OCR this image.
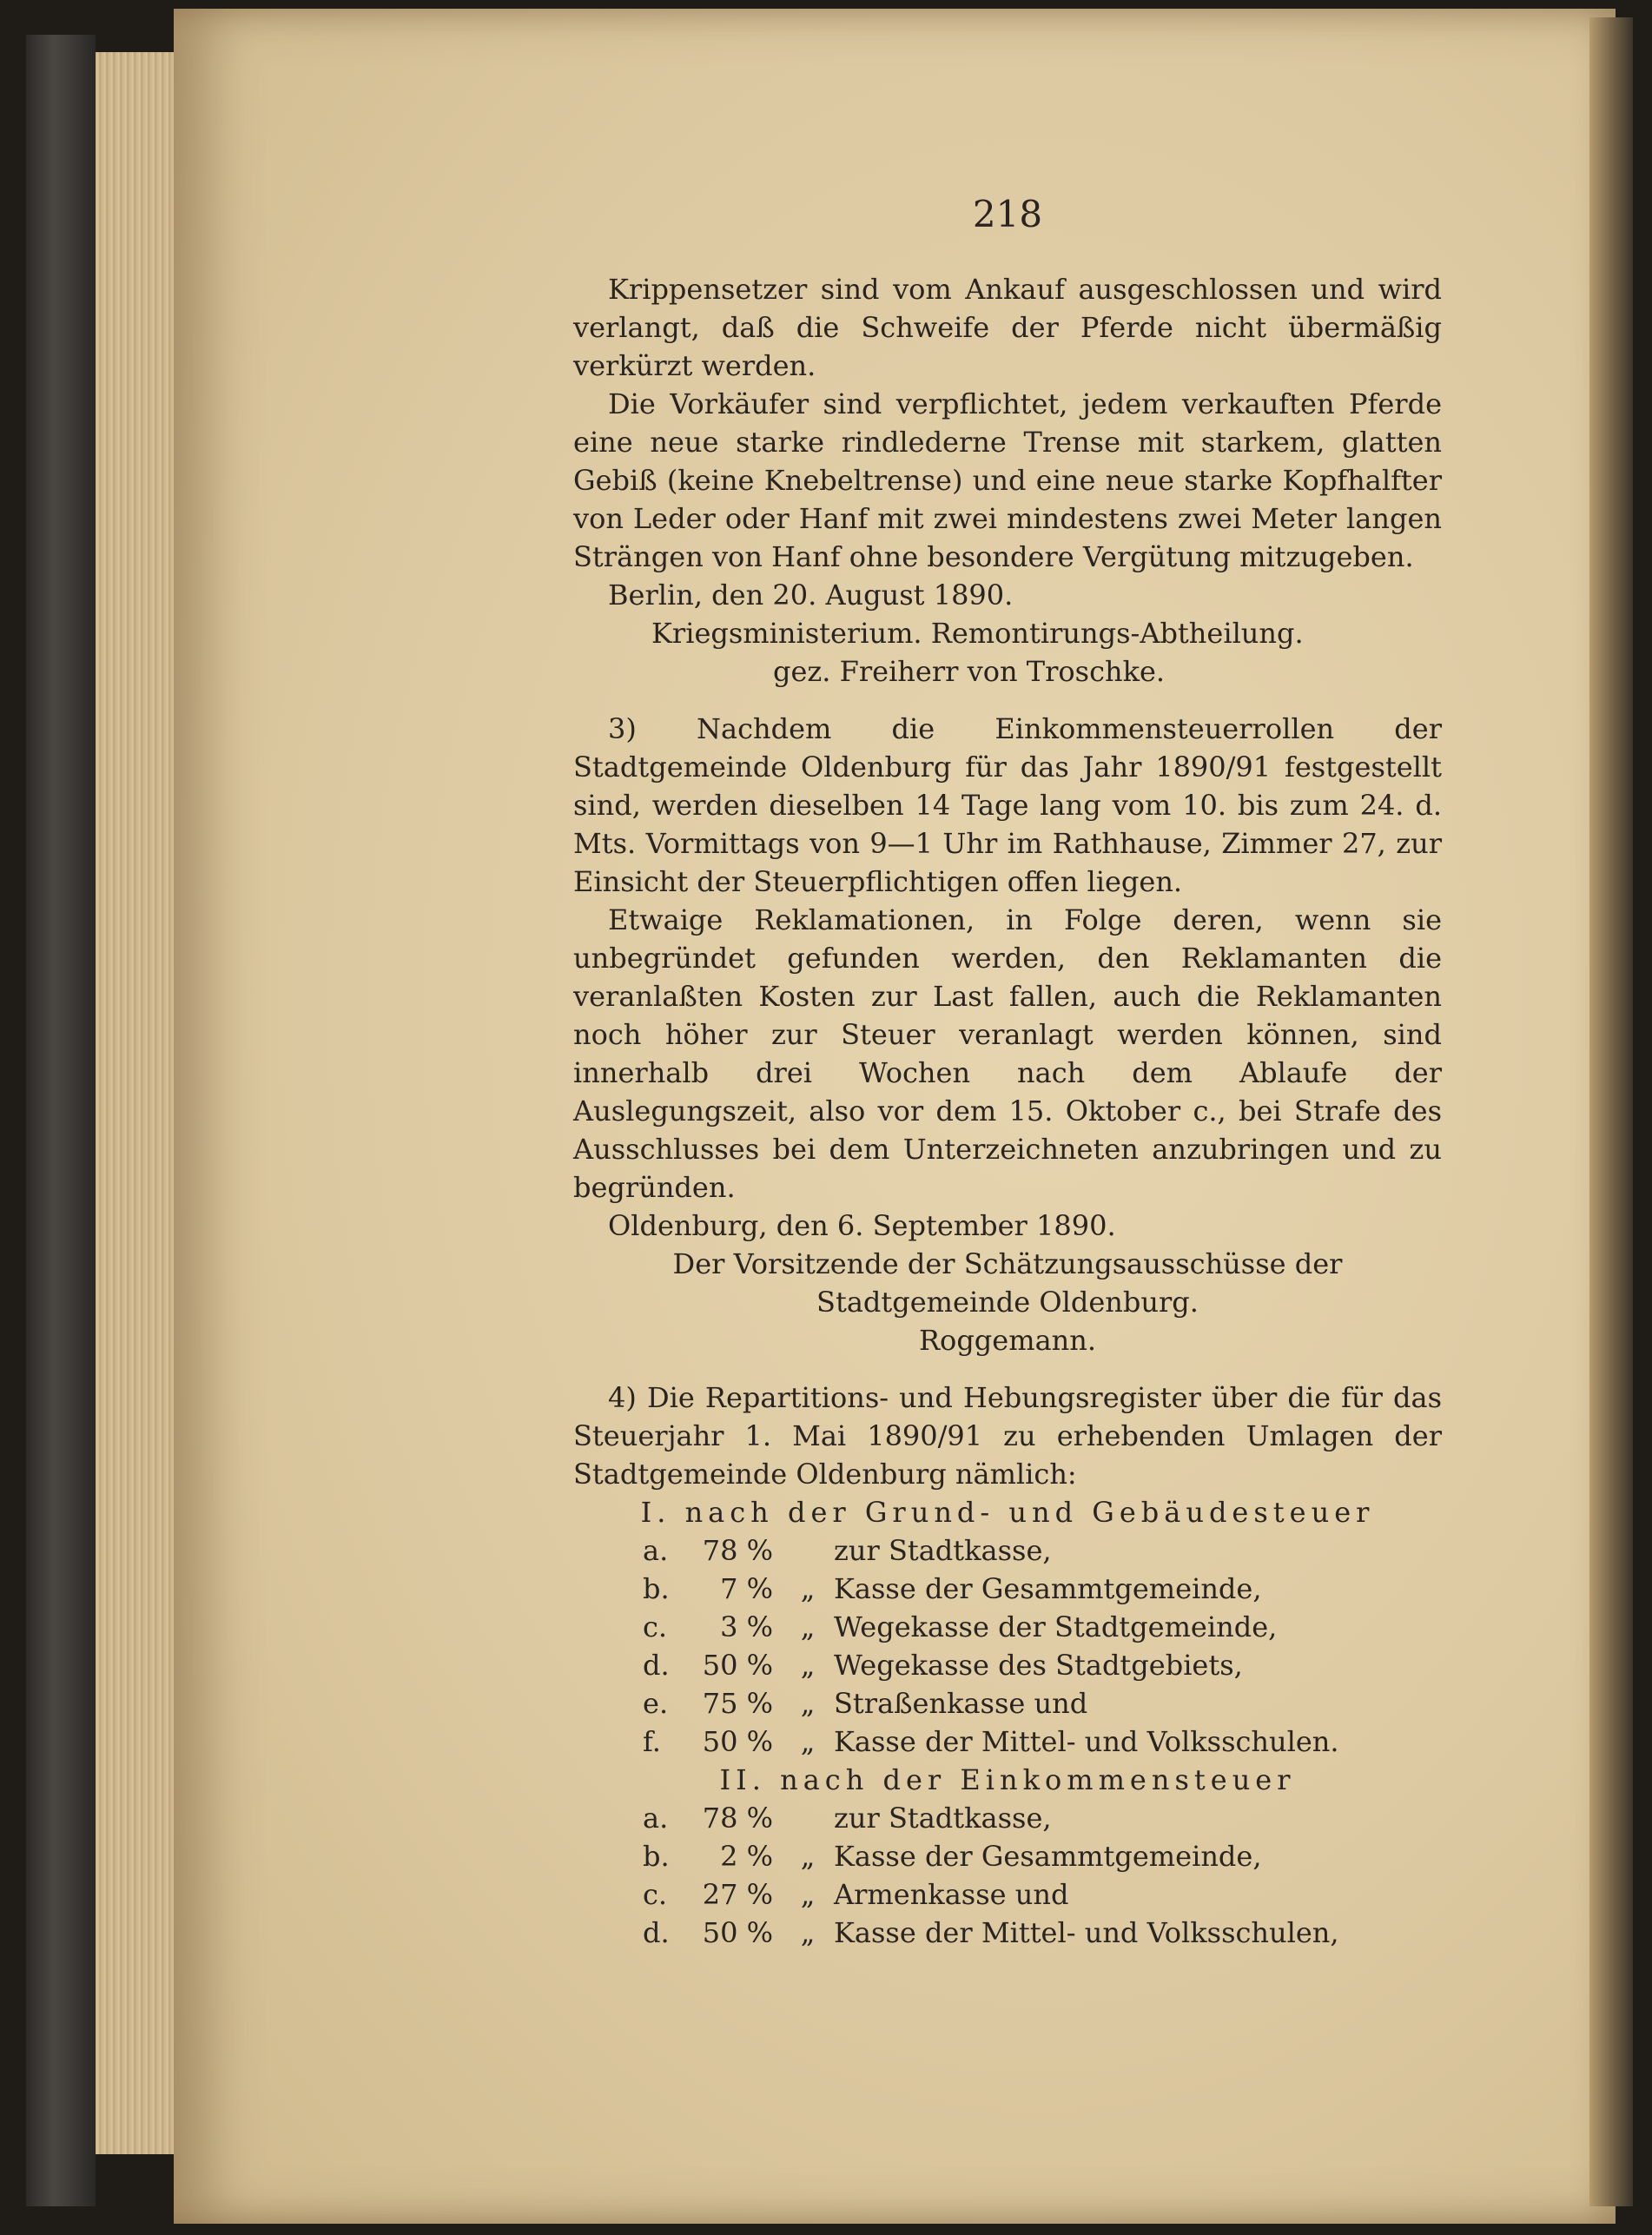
218

Krippensetzer sind vom Ankauf ausgeschlossen und wird verlangt, daß die Schweife der Pferde nicht übermäßig verkürzt werden.

Die Vorkäufer sind verpflichtet, jedem verkauften Pferde eine neue starke rindlederne Trense mit starkem, glatten Gebiß (keine Knebeltrense) und eine neue starke Kopfhalfter von Leder oder Hanf mit zwei mindestens zwei Meter langen Strängen von Hanf ohne besondere Vergütung mitzugeben.

Berlin, den 20. August 1890.

Kriegsministerium. Remontirungs-Abtheilung.

gez. Freiherr von Troschke.

3) Nachdem die Einkommensteuerrollen der Stadtgemeinde Oldenburg für das Jahr 1890/91 festgestellt sind, werden dieselben 14 Tage lang vom 10. bis zum 24. d. Mts. Vormittags von 9—1 Uhr im Rathhause, Zimmer 27, zur Einsicht der Steuerpflichtigen offen liegen.

Etwaige Reklamationen, in Folge deren, wenn sie unbegründet gefunden werden, den Reklamanten die veranlaßten Kosten zur Last fallen, auch die Reklamanten noch höher zur Steuer veranlagt werden können, sind innerhalb drei Wochen nach dem Ablaufe der Auslegungszeit, also vor dem 15. Oktober c., bei Strafe des Ausschlusses bei dem Unterzeichneten anzubringen und zu begründen.

Oldenburg, den 6. September 1890.

Der Vorsitzende der Schätzungsausschüsse der Stadtgemeinde Oldenburg.

Roggemann.

4) Die Repartitions- und Hebungsregister über die für das Steuerjahr 1. Mai 1890/91 zu erhebenden Umlagen der Stadtgemeinde Oldenburg nämlich:

I. nach der Grund- und Gebäudesteuer

a.	78 %	zur Stadtkasse,
b.	7 % „ Kasse der Gesammtgemeinde,
c.	3 % „ Wegekasse der Stadtgemeinde,
d.	50 % „ Wegekasse des Stadtgebiets,
e.	75 % „ Straßenkasse und
f.	50 % „ Kasse der Mittel- und Volksschulen.

II. nach der Einkommensteuer

a.	78 %	zur Stadtkasse,
b.	2 % „ Kasse der Gesammtgemeinde,
c.	27 % „ Armenkasse und
d.	50 % „ Kasse der Mittel- und Volksschulen,
